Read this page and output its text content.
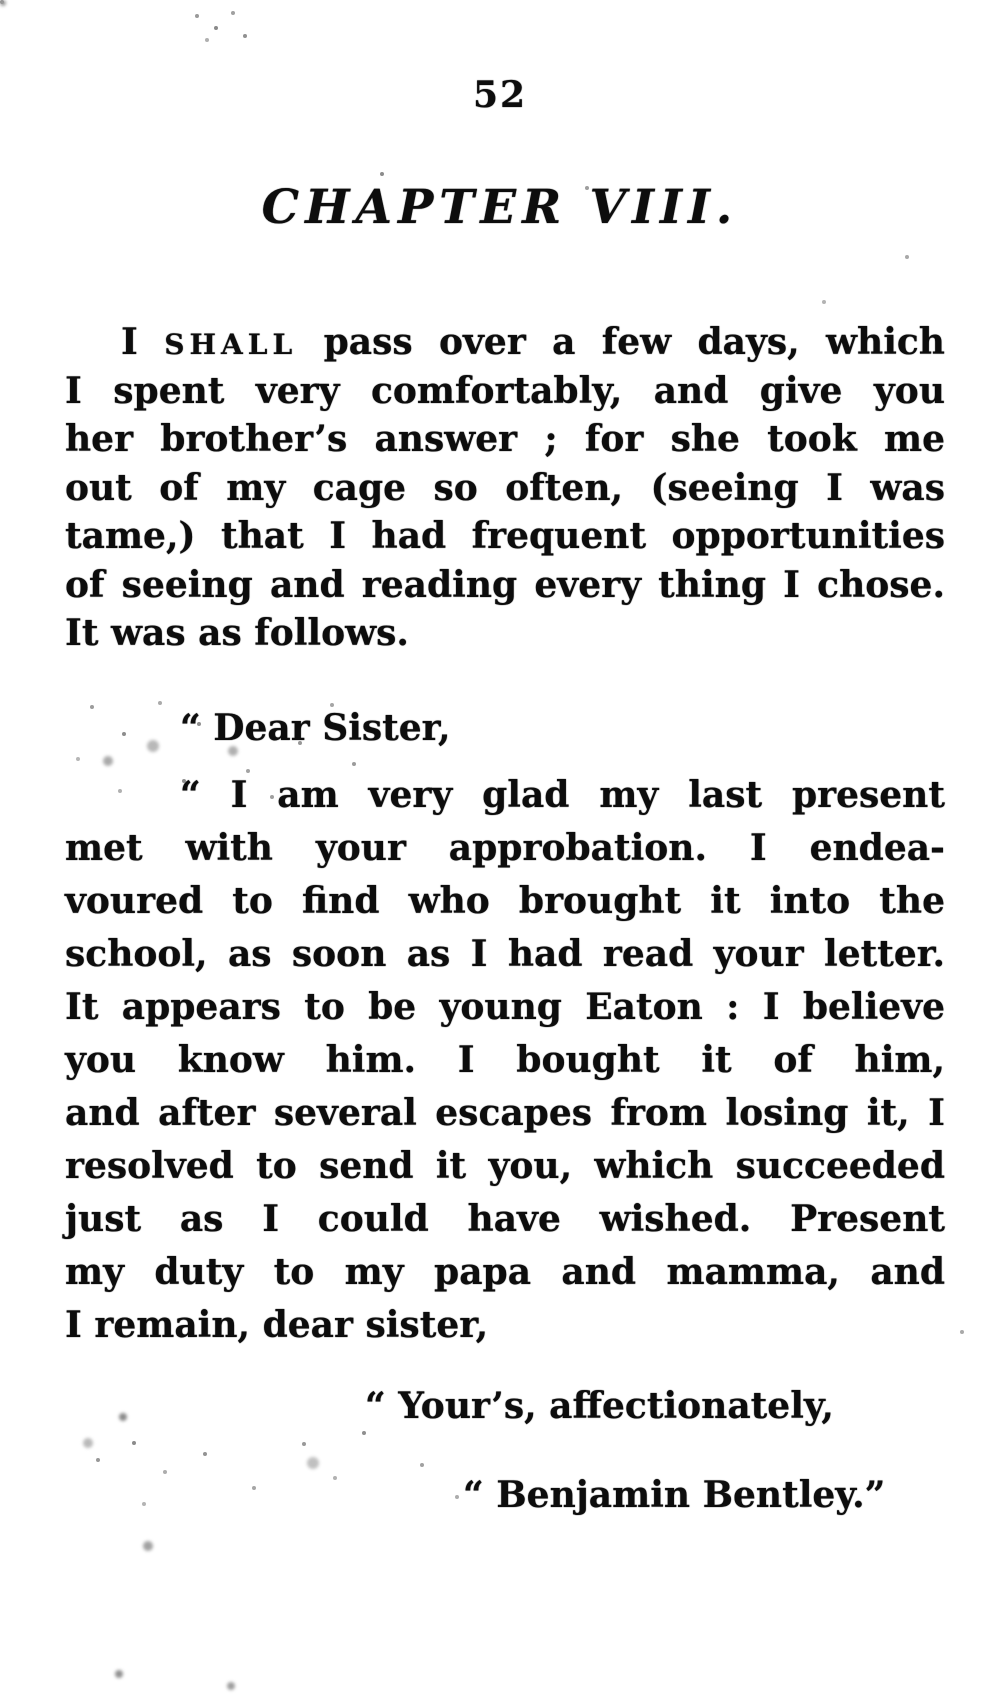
52
CHAPTER VIII.
I SHALL pass over a few days, which
I spent very comfortably, and give you
her brother’s answer ; for she took me
out of my cage so often, (seeing I was
tame,) that I had frequent opportunities
of seeing and reading every thing I chose.
It was as follows.
“ Dear Sister,
“ I am very glad my last present
met with your approbation. I endea-
voured to find who brought it into the
school, as soon as I had read your letter.
It appears to be young Eaton : I believe
you know him. I bought it of him,
and after several escapes from losing it, I
resolved to send it you, which succeeded
just as I could have wished. Present
my duty to my papa and mamma, and
I remain, dear sister,
“ Your’s, affectionately,
“ Benjamin Bentley.”
